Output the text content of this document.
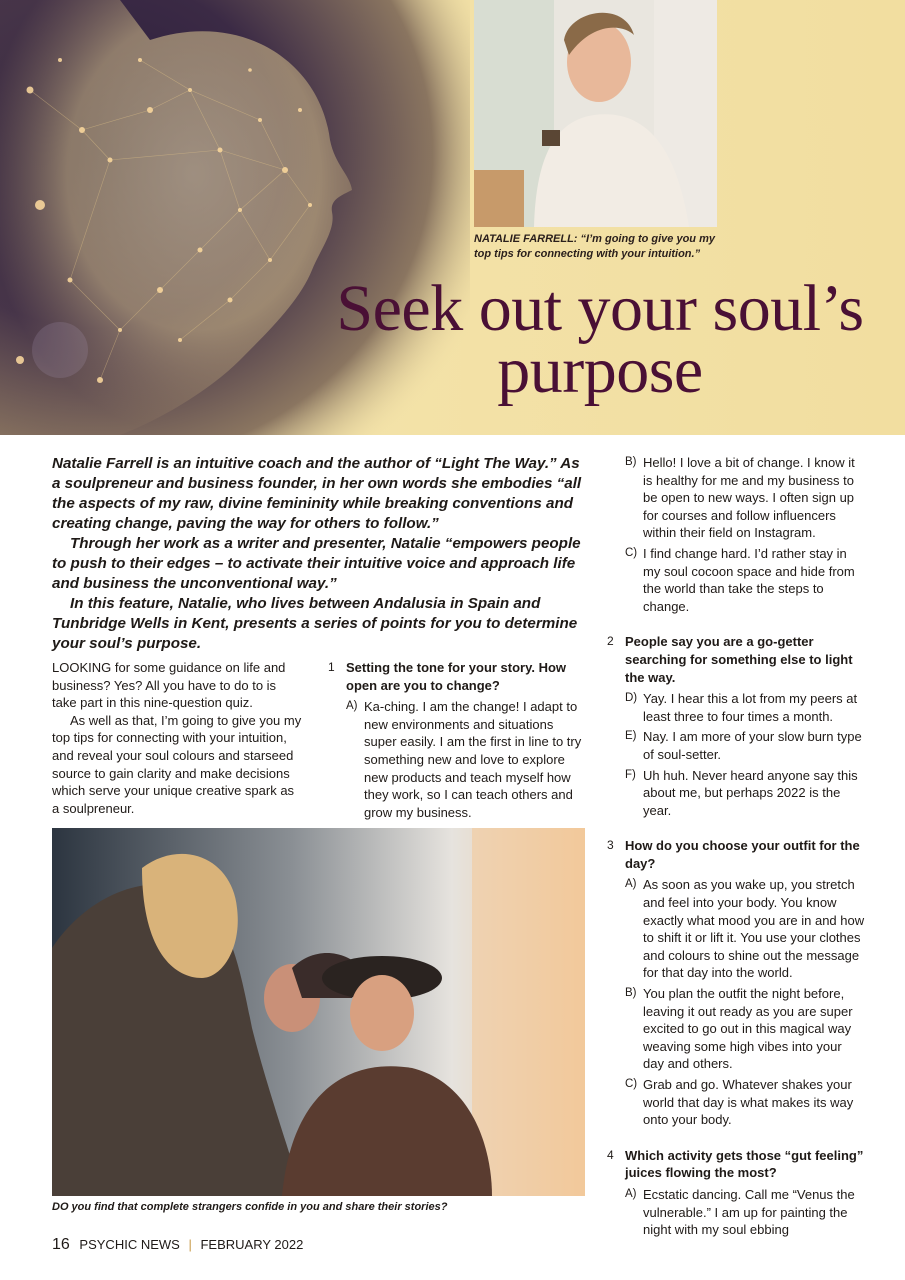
NATALIE FARRELL: “I’m going to give you my top tips for connecting with your intuition.”
Seek out your soul’s purpose

Natalie Farrell is an intuitive coach and the author of “Light The Way.” As a soulpreneur and business founder, in her own words she embodies “all the aspects of my raw, divine femininity while breaking conventions and creating change, paving the way for others to follow.”

Through her work as a writer and presenter, Natalie “empowers people to push to their edges – to activate their intuitive voice and approach life and business the unconventional way.”

In this feature, Natalie, who lives between Andalusia in Spain and Tunbridge Wells in Kent, presents a series of points for you to determine your soul’s purpose.

LOOKING for some guidance on life and business? Yes? All you have to do to is take part in this nine-question quiz.

As well as that, I’m going to give you my top tips for connecting with your intuition, and reveal your soul colours and starseed source to gain clarity and make decisions which serve your unique creative spark as a soulpreneur.

1 Setting the tone for your story. How open are you to change?
A) Ka-ching. I am the change! I adapt to new environments and situations super easily. I am the first in line to try something new and love to explore new products and teach myself how they work, so I can teach others and grow my business.
DO you find that complete strangers confide in you and share their stories?
B) Hello! I love a bit of change. I know it is healthy for me and my business to be open to new ways. I often sign up for courses and follow influencers within their field on Instagram.
C) I find change hard. I’d rather stay in my soul cocoon space and hide from the world than take the steps to change.
2 People say you are a go-getter searching for something else to light the way.
D) Yay. I hear this a lot from my peers at least three to four times a month.
E) Nay. I am more of your slow burn type of soul-setter.
F) Uh huh. Never heard anyone say this about me, but perhaps 2022 is the year.
3 How do you choose your outfit for the day?
A) As soon as you wake up, you stretch and feel into your body. You know exactly what mood you are in and how to shift it or lift it. You use your clothes and colours to shine out the message for that day into the world.
B) You plan the outfit the night before, leaving it out ready as you are super excited to go out in this magical way weaving some high vibes into your day and others.
C) Grab and go. Whatever shakes your world that day is what makes its way onto your body.
4 Which activity gets those “gut feeling” juices flowing the most?
A) Ecstatic dancing. Call me “Venus the vulnerable.” I am up for painting the night with my soul ebbing
16 PSYCHIC NEWS | FEBRUARY 2022
